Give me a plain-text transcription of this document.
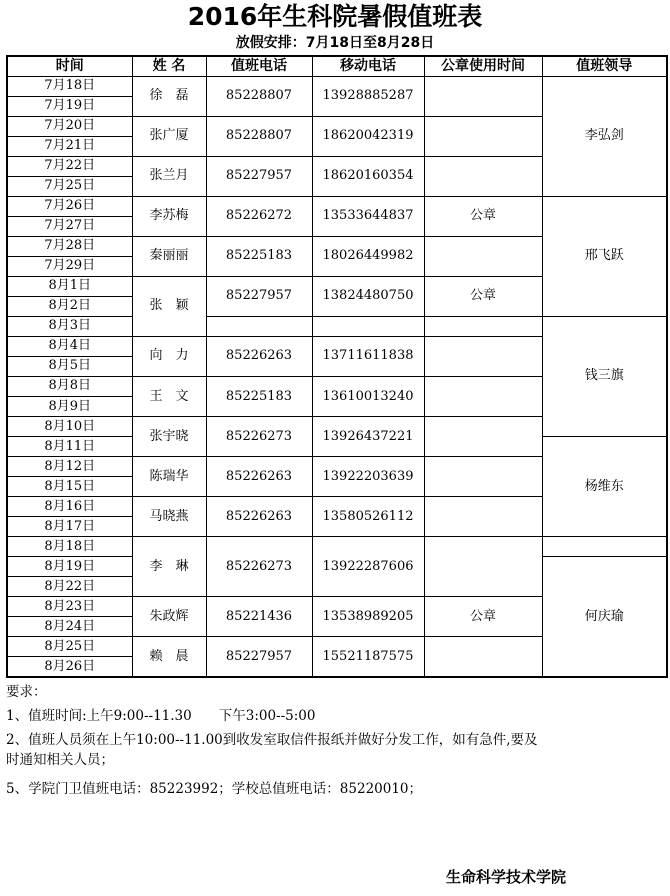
2016年生科院暑假值班表
放假安排：7月18日至8月28日
时间	姓 名	值班电话	移动电话	公章使用时间	值班领导
7月18日	徐　磊	85228807	13928885287		李弘剑
7月19日					
7月20日	张广厦	85228807	18620042319		
7月21日					
7月22日	张兰月	85227957	18620160354		
7月25日					
7月26日	李苏梅	85226272	13533644837	公章	邢飞跃
7月27日					
7月28日	秦丽丽	85225183	18026449982		
7月29日					
8月1日	张　颖	85227957	13824480750	公章	
8月2日					
8月3日					钱三旗
8月4日	向　力	85226263	13711611838		
8月5日					
8月8日	王　文	85225183	13610013240		
8月9日					
8月10日	张宇晓	85226273	13926437221		
8月11日					杨维东
8月12日	陈瑞华	85226263	13922203639		
8月15日					
8月16日	马晓燕	85226263	13580526112		
8月17日					
8月18日	李　琳	85226273	13922287606		
8月19日					何庆瑜
8月22日					
8月23日	朱政辉	85221436	13538989205	公章	
8月24日					
8月25日	赖　晨	85227957	15521187575		
8月26日					
要求：
1、值班时间:上午9:00--11.30　　下午3:00--5:00
2、值班人员须在上午10:00--11.00到收发室取信件报纸并做好分发工作，如有急件,要及
时通知相关人员；
5、学院门卫值班电话：85223992；学校总值班电话：85220010；
生命科学技术学院
